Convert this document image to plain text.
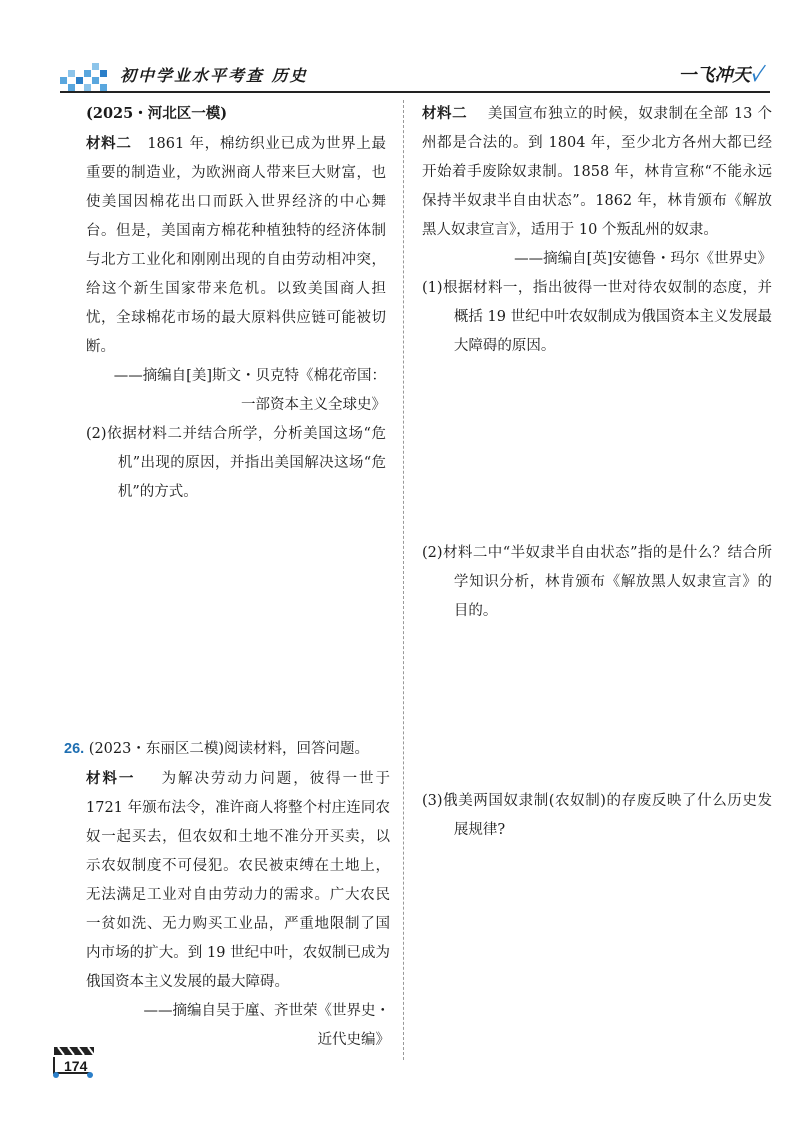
初中学业水平考查 历史	一飞冲天✓

(2025・河北区一模)

材料二 1861 年，棉纺织业已成为世界上最重要的制造业，为欧洲商人带来巨大财富，也使美国因棉花出口而跃入世界经济的中心舞台。但是，美国南方棉花种植独特的经济体制与北方工业化和刚刚出现的自由劳动相冲突，给这个新生国家带来危机。以致美国商人担忧，全球棉花市场的最大原料供应链可能被切断。

——摘编自[美]斯文・贝克特《棉花帝国：

一部资本主义全球史》

(2)依据材料二并结合所学，分析美国这场“危机”出现的原因，并指出美国解决这场“危机”的方式。

26. (2023・东丽区二模)阅读材料，回答问题。

材料一 为解决劳动力问题，彼得一世于 1721 年颁布法令，准许商人将整个村庄连同农奴一起买去，但农奴和土地不准分开买卖，以示农奴制度不可侵犯。农民被束缚在土地上，无法满足工业对自由劳动力的需求。广大农民一贫如洗、无力购买工业品，严重地限制了国内市场的扩大。到 19 世纪中叶，农奴制已成为俄国资本主义发展的最大障碍。

——摘编自吴于廑、齐世荣《世界史・

近代史编》

材料二 美国宣布独立的时候，奴隶制在全部 13 个州都是合法的。到 1804 年，至少北方各州大都已经开始着手废除奴隶制。1858 年，林肯宣称“不能永远保持半奴隶半自由状态”。1862 年，林肯颁布《解放黑人奴隶宣言》，适用于 10 个叛乱州的奴隶。

——摘编自[英]安德鲁・玛尔《世界史》

(1)根据材料一，指出彼得一世对待农奴制的态度，并概括 19 世纪中叶农奴制成为俄国资本主义发展最大障碍的原因。

(2)材料二中“半奴隶半自由状态”指的是什么？结合所学知识分析，林肯颁布《解放黑人奴隶宣言》的目的。

(3)俄美两国奴隶制(农奴制)的存废反映了什么历史发展规律?

174
